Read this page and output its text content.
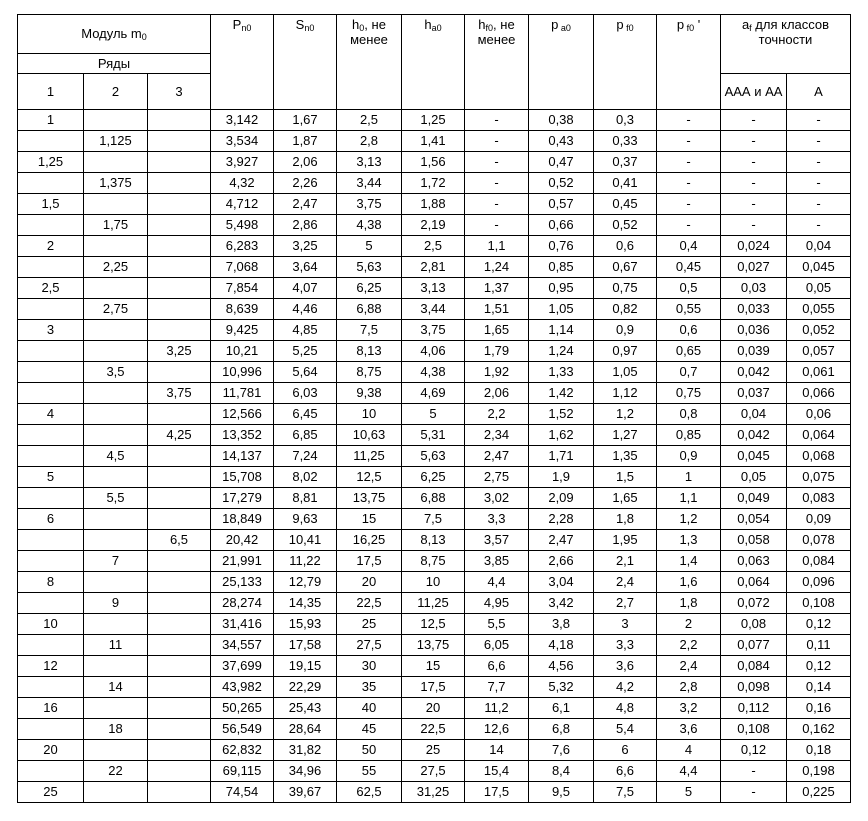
Модуль m0			Pn0	Sn0	h0, не менее	ha0	hf0, не менее	p a0	p f0	p f0 '	af для классов точности	
Ряды												
1	2	3									ААА и АА	А
1			3,142	1,67	2,5	1,25	-	0,38	0,3	-	-	-
	1,125		3,534	1,87	2,8	1,41	-	0,43	0,33	-	-	-
1,25			3,927	2,06	3,13	1,56	-	0,47	0,37	-	-	-
	1,375		4,32	2,26	3,44	1,72	-	0,52	0,41	-	-	-
1,5			4,712	2,47	3,75	1,88	-	0,57	0,45	-	-	-
	1,75		5,498	2,86	4,38	2,19	-	0,66	0,52	-	-	-
2			6,283	3,25	5	2,5	1,1	0,76	0,6	0,4	0,024	0,04
	2,25		7,068	3,64	5,63	2,81	1,24	0,85	0,67	0,45	0,027	0,045
2,5			7,854	4,07	6,25	3,13	1,37	0,95	0,75	0,5	0,03	0,05
	2,75		8,639	4,46	6,88	3,44	1,51	1,05	0,82	0,55	0,033	0,055
3			9,425	4,85	7,5	3,75	1,65	1,14	0,9	0,6	0,036	0,052
		3,25	10,21	5,25	8,13	4,06	1,79	1,24	0,97	0,65	0,039	0,057
	3,5		10,996	5,64	8,75	4,38	1,92	1,33	1,05	0,7	0,042	0,061
		3,75	11,781	6,03	9,38	4,69	2,06	1,42	1,12	0,75	0,037	0,066
4			12,566	6,45	10	5	2,2	1,52	1,2	0,8	0,04	0,06
		4,25	13,352	6,85	10,63	5,31	2,34	1,62	1,27	0,85	0,042	0,064
	4,5		14,137	7,24	11,25	5,63	2,47	1,71	1,35	0,9	0,045	0,068
5			15,708	8,02	12,5	6,25	2,75	1,9	1,5	1	0,05	0,075
	5,5		17,279	8,81	13,75	6,88	3,02	2,09	1,65	1,1	0,049	0,083
6			18,849	9,63	15	7,5	3,3	2,28	1,8	1,2	0,054	0,09
		6,5	20,42	10,41	16,25	8,13	3,57	2,47	1,95	1,3	0,058	0,078
	7		21,991	11,22	17,5	8,75	3,85	2,66	2,1	1,4	0,063	0,084
8			25,133	12,79	20	10	4,4	3,04	2,4	1,6	0,064	0,096
	9		28,274	14,35	22,5	11,25	4,95	3,42	2,7	1,8	0,072	0,108
10			31,416	15,93	25	12,5	5,5	3,8	3	2	0,08	0,12
	11		34,557	17,58	27,5	13,75	6,05	4,18	3,3	2,2	0,077	0,11
12			37,699	19,15	30	15	6,6	4,56	3,6	2,4	0,084	0,12
	14		43,982	22,29	35	17,5	7,7	5,32	4,2	2,8	0,098	0,14
16			50,265	25,43	40	20	11,2	6,1	4,8	3,2	0,112	0,16
	18		56,549	28,64	45	22,5	12,6	6,8	5,4	3,6	0,108	0,162
20			62,832	31,82	50	25	14	7,6	6	4	0,12	0,18
	22		69,115	34,96	55	27,5	15,4	8,4	6,6	4,4	-	0,198
25			74,54	39,67	62,5	31,25	17,5	9,5	7,5	5	-	0,225
